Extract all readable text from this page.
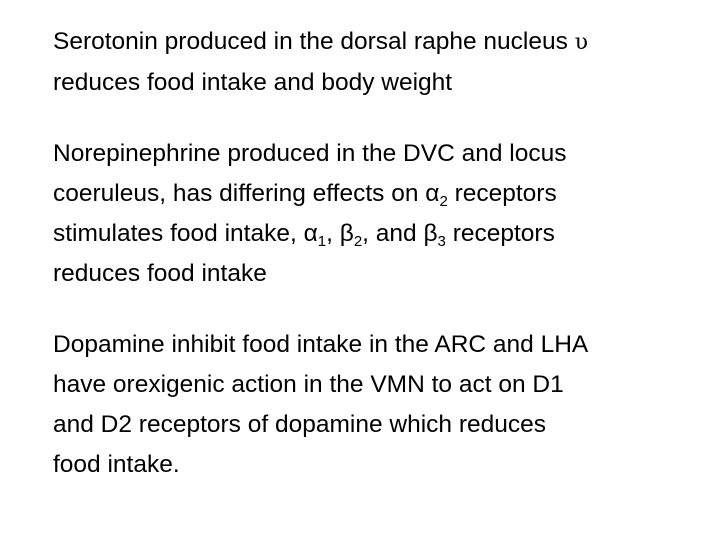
Serotonin produced in the dorsal raphe nucleus υ
reduces food intake and body weight

Norepinephrine produced in the DVC and locus
coeruleus, has differing effects on $\alpha_2$ receptors
stimulates food intake, $\alpha_1$, $\beta_2$, and $\beta_3$ receptors
reduces food intake

Dopamine inhibit food intake in the ARC and LHA
have orexigenic action in the VMN to act on D1
and D2 receptors of dopamine which reduces
food intake.
